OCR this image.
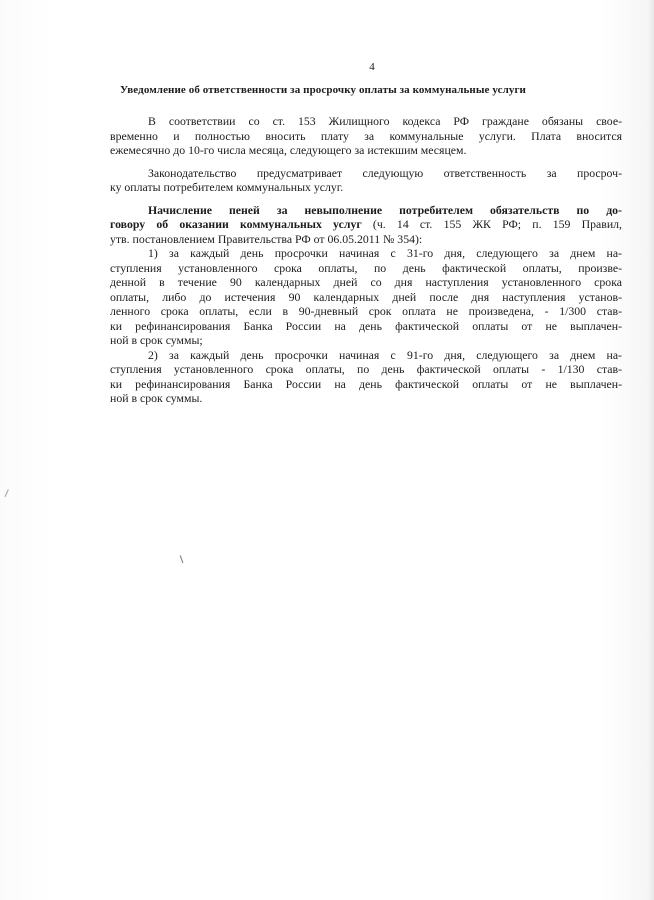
4
Уведомление об ответственности за просрочку оплаты за коммунальные услуги
В соответствии со ст. 153 Жилищного кодекса РФ граждане обязаны свое-
временно и полностью вносить плату за коммунальные услуги. Плата вносится
ежемесячно до 10-го числа месяца, следующего за истекшим месяцем.
Законодательство предусматривает следующую ответственность за просроч-
ку оплаты потребителем коммунальных услуг.
Начисление пеней за невыполнение потребителем обязательств по до-
говору об оказании коммунальных услуг (ч. 14 ст. 155 ЖК РФ; п. 159 Правил,
утв. постановлением Правительства РФ от 06.05.2011 № 354):
1) за каждый день просрочки начиная с 31-го дня, следующего за днем на-
ступления установленного срока оплаты, по день фактической оплаты, произве-
денной в течение 90 календарных дней со дня наступления установленного срока
оплаты, либо до истечения 90 календарных дней после дня наступления установ-
ленного срока оплаты, если в 90-дневный срок оплата не произведена, - 1/300 став-
ки рефинансирования Банка России на день фактической оплаты от не выплачен-
ной в срок суммы;
2) за каждый день просрочки начиная с 91-го дня, следующего за днем на-
ступления установленного срока оплаты, по день фактической оплаты - 1/130 став-
ки рефинансирования Банка России на день фактической оплаты от не выплачен-
ной в срок суммы.
